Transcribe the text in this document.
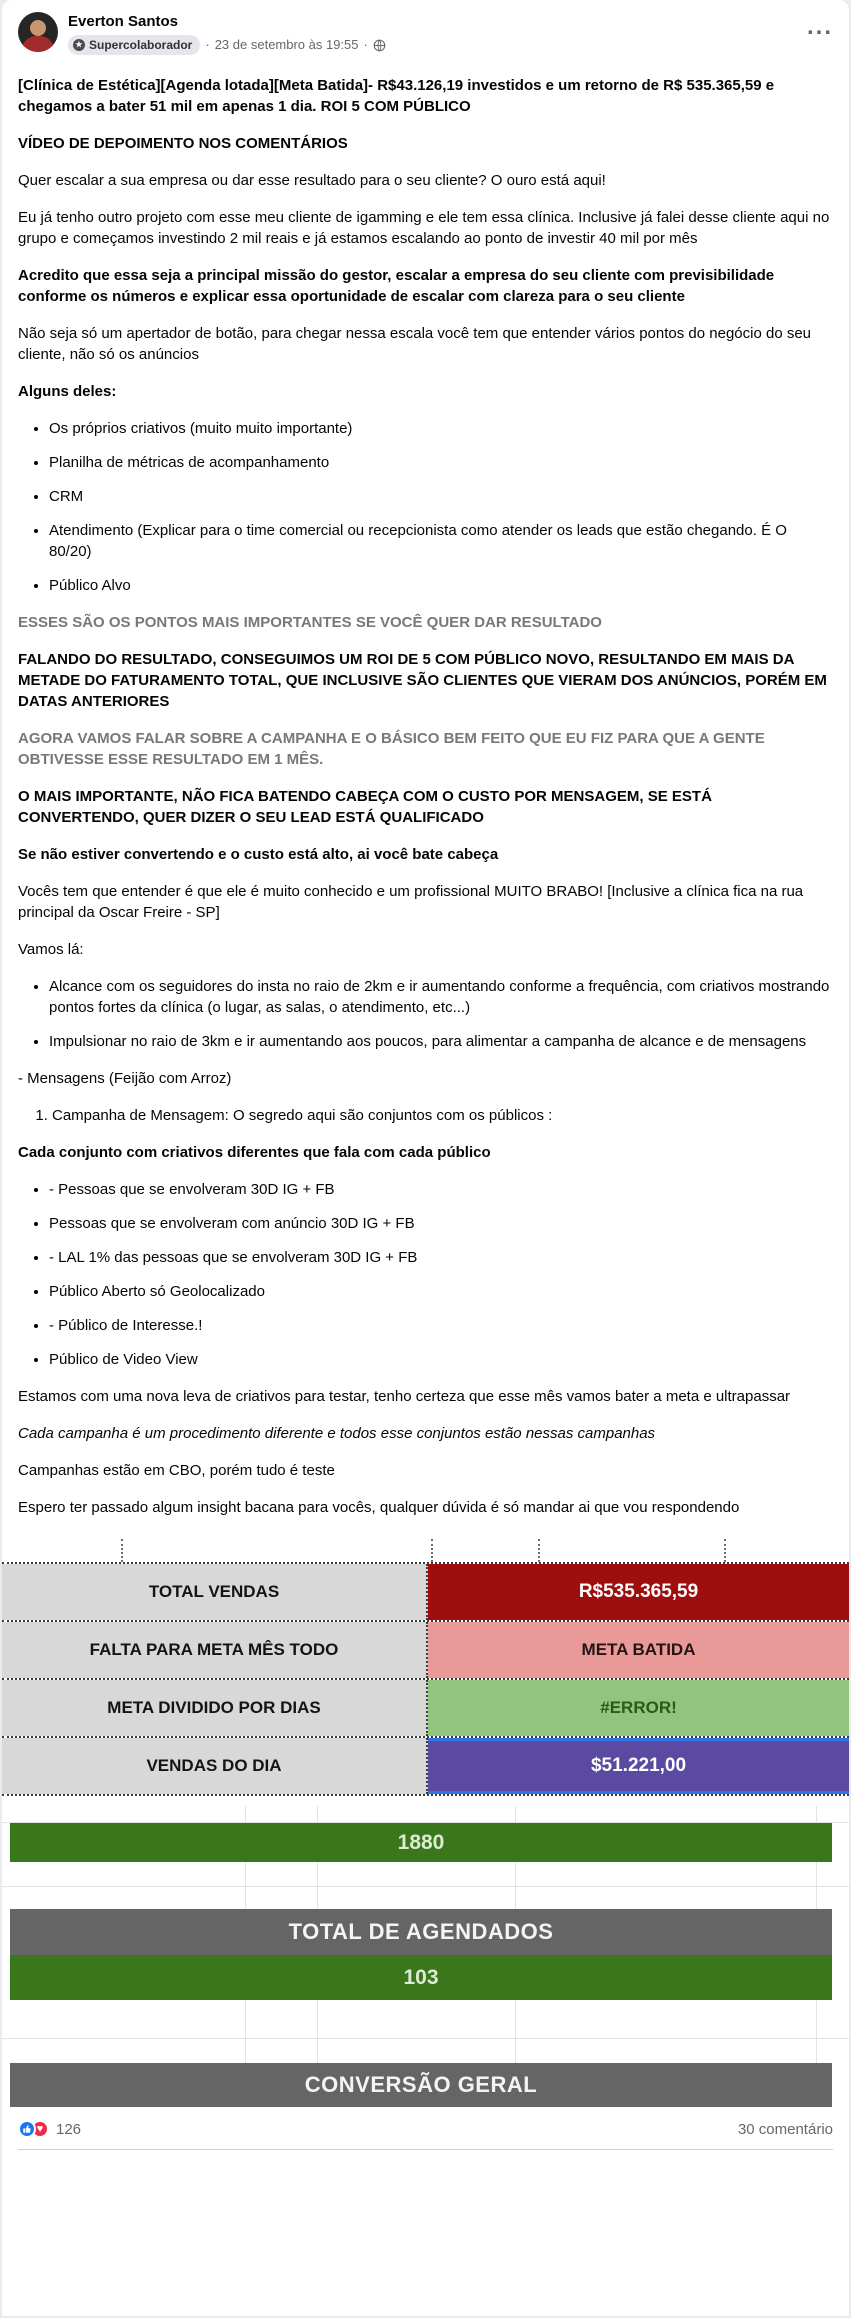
Everton Santos
★ Supercolaborador · 23 de setembro às 19:55 ·
...

[Clínica de Estética][Agenda lotada][Meta Batida]- R$43.126,19 investidos e um retorno de R$ 535.365,59 e chegamos a bater 51 mil em apenas 1 dia. ROI 5 COM PÚBLICO

VÍDEO DE DEPOIMENTO NOS COMENTÁRIOS

Quer escalar a sua empresa ou dar esse resultado para o seu cliente? O ouro está aqui!

Eu já tenho outro projeto com esse meu cliente de igamming e ele tem essa clínica. Inclusive já falei desse cliente aqui no grupo e começamos investindo 2 mil reais e já estamos escalando ao ponto de investir 40 mil por mês

Acredito que essa seja a principal missão do gestor, escalar a empresa do seu cliente com previsibilidade conforme os números e explicar essa oportunidade de escalar com clareza para o seu cliente

Não seja só um apertador de botão, para chegar nessa escala você tem que entender vários pontos do negócio do seu cliente, não só os anúncios

Alguns deles:

• Os próprios criativos (muito muito importante)
• Planilha de métricas de acompanhamento
• CRM
• Atendimento (Explicar para o time comercial ou recepcionista como atender os leads que estão chegando. É O 80/20)
• Público Alvo

ESSES SÃO OS PONTOS MAIS IMPORTANTES SE VOCÊ QUER DAR RESULTADO

FALANDO DO RESULTADO, CONSEGUIMOS UM ROI DE 5 COM PÚBLICO NOVO, RESULTANDO EM MAIS DA METADE DO FATURAMENTO TOTAL, QUE INCLUSIVE SÃO CLIENTES QUE VIERAM DOS ANÚNCIOS, PORÉM EM DATAS ANTERIORES

AGORA VAMOS FALAR SOBRE A CAMPANHA E O BÁSICO BEM FEITO QUE EU FIZ PARA QUE A GENTE OBTIVESSE ESSE RESULTADO EM 1 MÊS.

O MAIS IMPORTANTE, NÃO FICA BATENDO CABEÇA COM O CUSTO POR MENSAGEM, SE ESTÁ CONVERTENDO, QUER DIZER O SEU LEAD ESTÁ QUALIFICADO

Se não estiver convertendo e o custo está alto, ai você bate cabeça

Vocês tem que entender é que ele é muito conhecido e um profissional MUITO BRABO! [Inclusive a clínica fica na rua principal da Oscar Freire - SP]

Vamos lá:

• Alcance com os seguidores do insta no raio de 2km e ir aumentando conforme a frequência, com criativos mostrando pontos fortes da clínica (o lugar, as salas, o atendimento, etc...)
• Impulsionar no raio de 3km e ir aumentando aos poucos, para alimentar a campanha de alcance e de mensagens

- Mensagens (Feijão com Arroz)

1. Campanha de Mensagem: O segredo aqui são conjuntos com os públicos :

Cada conjunto com criativos diferentes que fala com cada público

• - Pessoas que se envolveram 30D IG + FB
• Pessoas que se envolveram com anúncio 30D IG + FB
• - LAL 1% das pessoas que se envolveram 30D IG + FB
• Público Aberto só Geolocalizado
• - Público de Interesse.!
• Público de Video View

Estamos com uma nova leva de criativos para testar, tenho certeza que esse mês vamos bater a meta e ultrapassar

Cada campanha é um procedimento diferente e todos esse conjuntos estão nessas campanhas

Campanhas estão em CBO, porém tudo é teste

Espero ter passado algum insight bacana para vocês, qualquer dúvida é só mandar ai que vou respondendo

TOTAL VENDAS	R$535.365,59
FALTA PARA META MÊS TODO	META BATIDA
META DIVIDIDO POR DIAS	#ERROR!
VENDAS DO DIA	$51.221,00
1880
TOTAL DE AGENDADOS
103
CONVERSÃO GERAL
♥ 126	30 comentário
